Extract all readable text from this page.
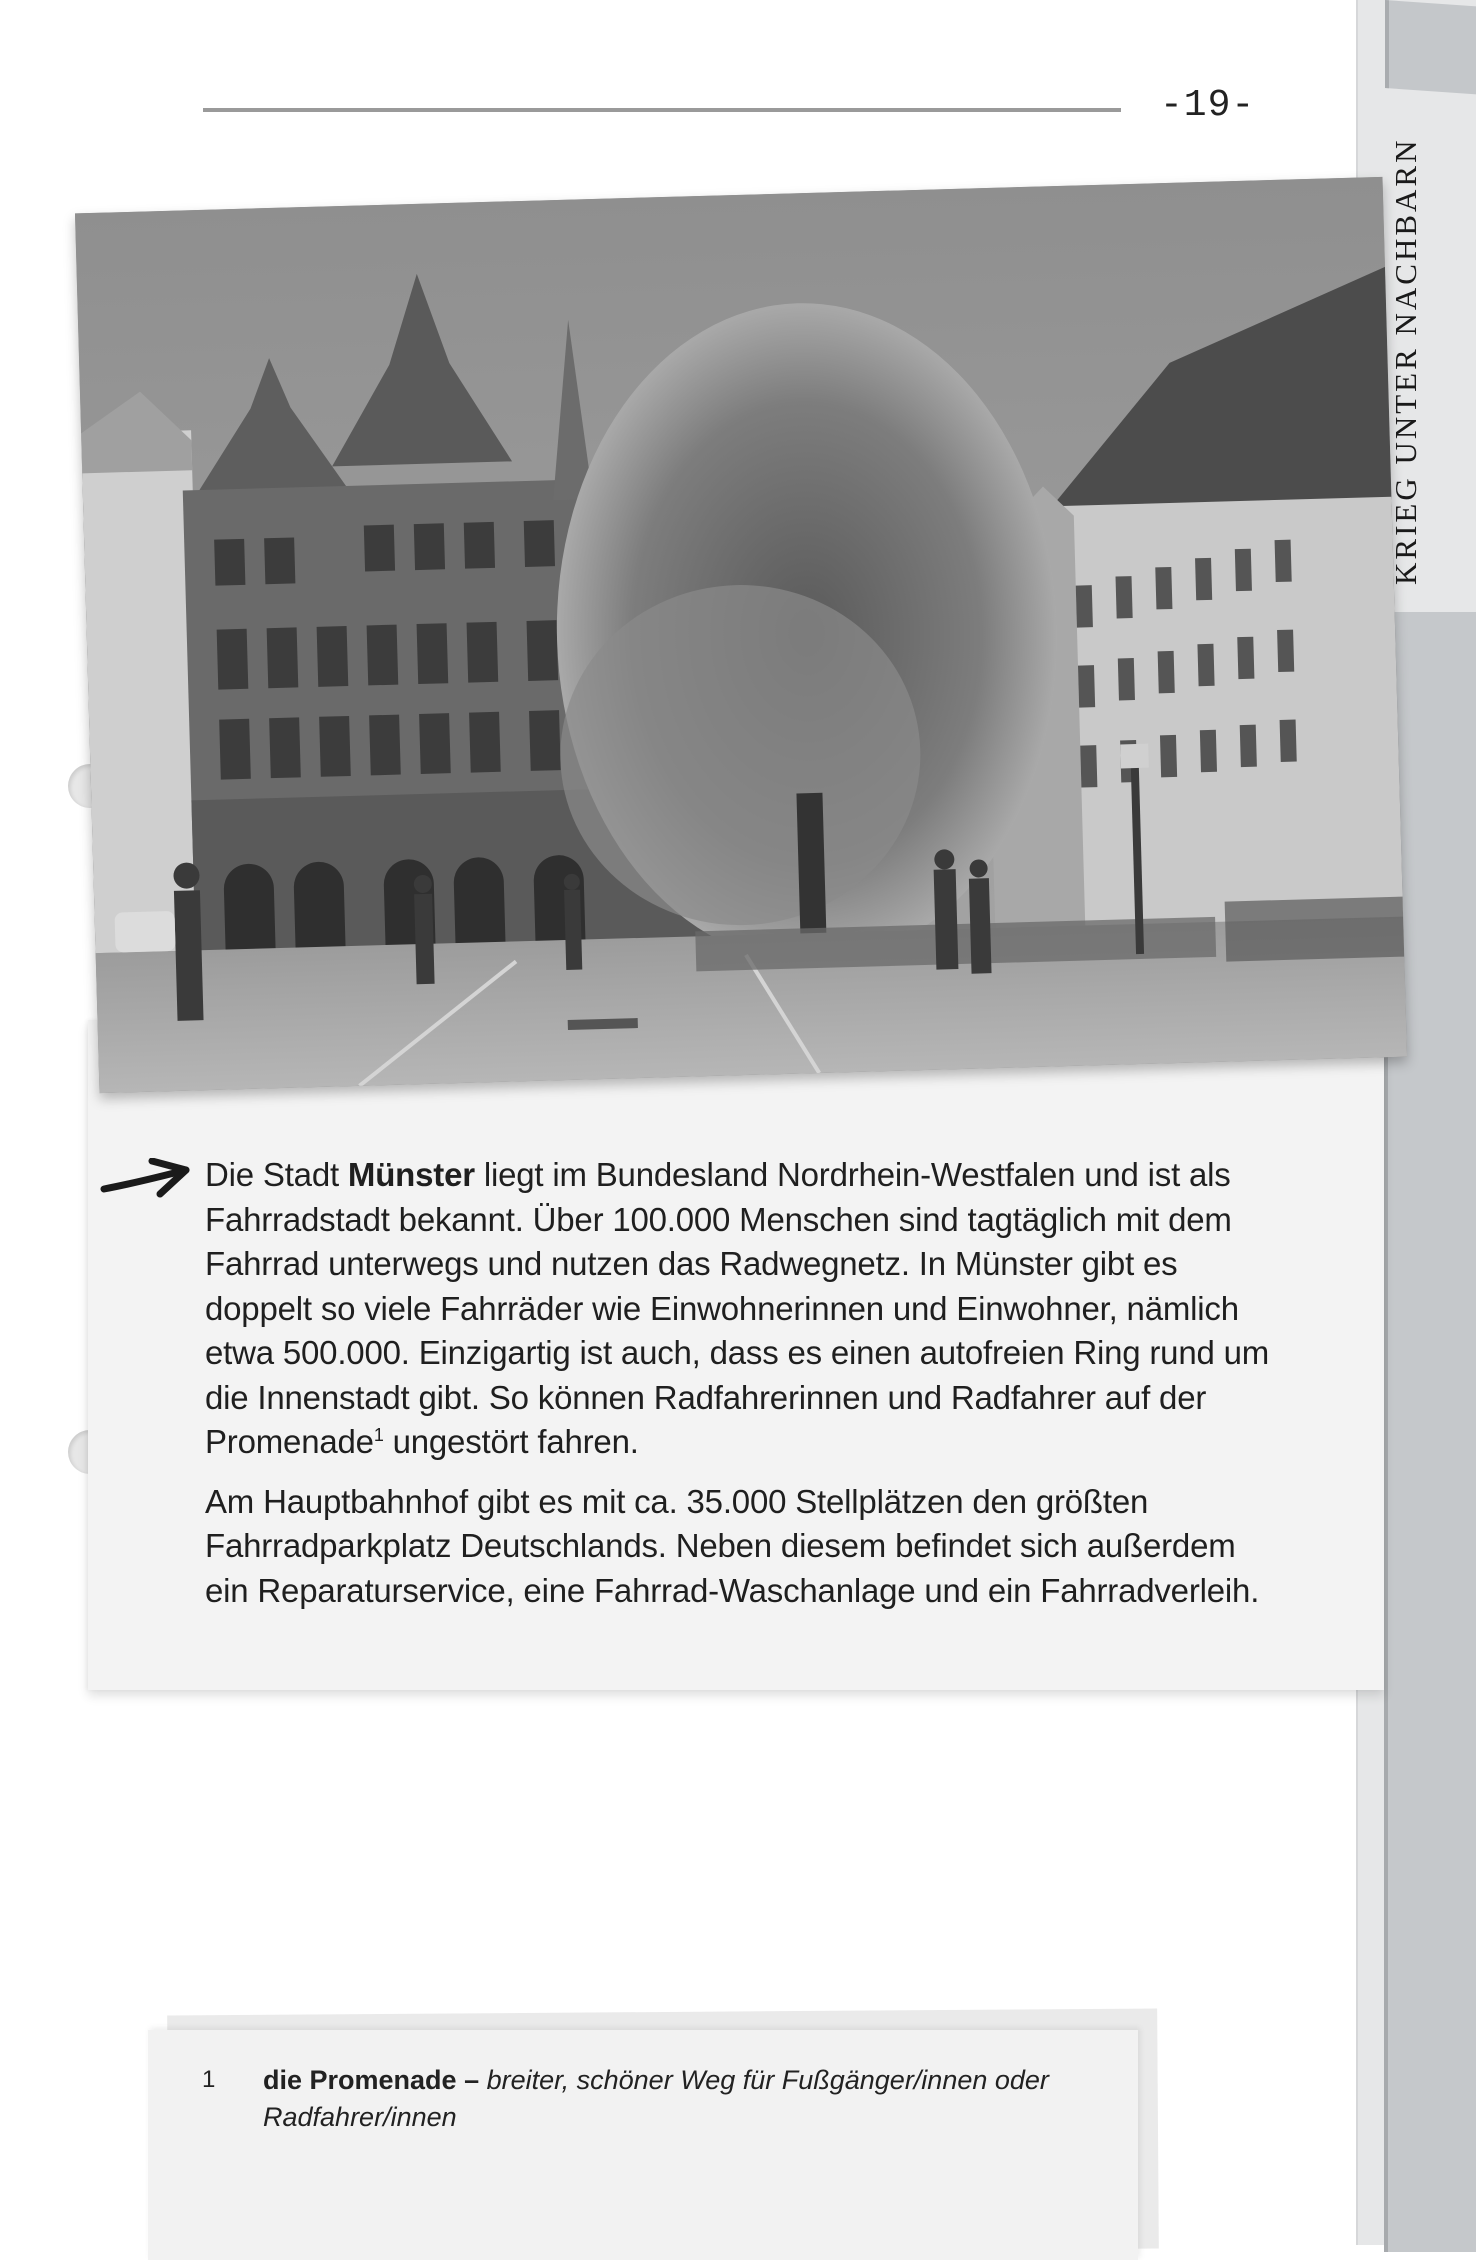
-19-
KRIEG UNTER NACHBARN

Die Stadt Münster liegt im Bundesland Nordrhein-Westfalen und ist als Fahrradstadt bekannt. Über 100.000 Menschen sind tagtäglich mit dem Fahrrad unterwegs und nutzen das Radwegnetz. In Münster gibt es doppelt so viele Fahrräder wie Einwohnerinnen und Einwohner, nämlich etwa 500.000. Einzigartig ist auch, dass es einen autofreien Ring rund um die Innenstadt gibt. So können Radfahrerinnen und Radfahrer auf der Promenade$^1$ ungestört fahren.

Am Hauptbahnhof gibt es mit ca. 35.000 Stellplätzen den größten Fahrradparkplatz Deutschlands. Neben diesem befindet sich außerdem ein Reparaturservice, eine Fahrrad-Waschanlage und ein Fahrradverleih.

1 die Promenade – breiter, schöner Weg für Fußgänger/innen oder Radfahrer/innen
